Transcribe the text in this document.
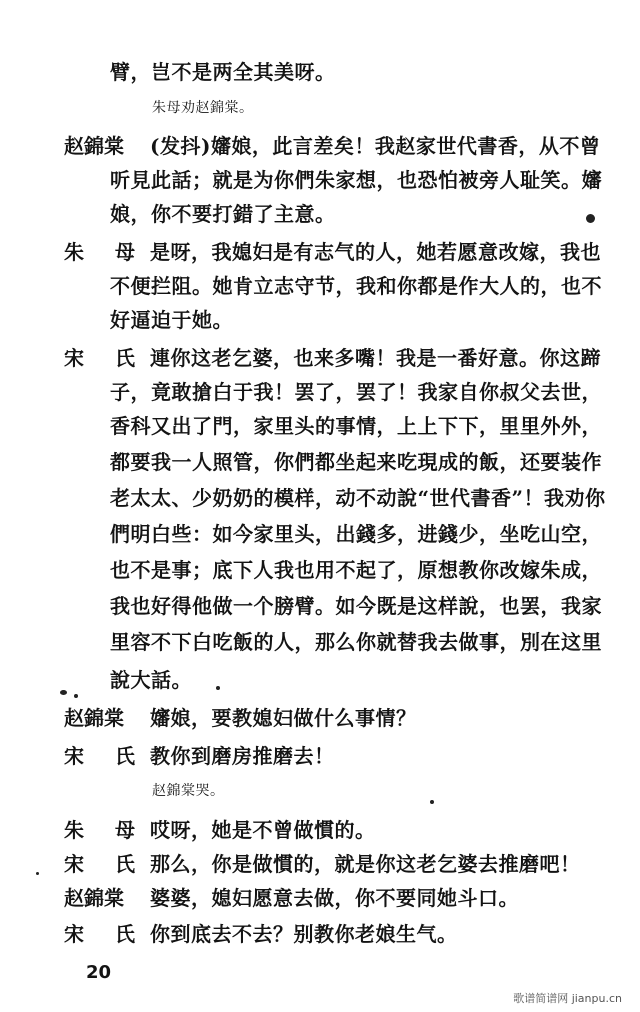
臂，岂不是两全其美呀。
朱母劝赵錦棠。
赵錦棠 (发抖)嬸娘，此言差矣！我赵家世代書香，从不曾
听見此話；就是为你們朱家想，也恐怕被旁人耻笑。嬸
娘，你不要打錯了主意。
朱 母 是呀，我媳妇是有志气的人，她若愿意改嫁，我也
不便拦阻。她肯立志守节，我和你都是作大人的，也不
好逼迫于她。
宋 氏 連你这老乞婆，也来多嘴！我是一番好意。你这蹄
子，竟敢搶白于我！罢了，罢了！我家自你叔父去世，
香科又出了門，家里头的事情，上上下下，里里外外，
都要我一人照管，你們都坐起来吃現成的飯，还要装作
老太太、少奶奶的模样，动不动說“世代書香”！我劝你
們明白些：如今家里头，出錢多，进錢少，坐吃山空，
也不是事；底下人我也用不起了，原想教你改嫁朱成，
我也好得他做一个膀臂。如今既是这样說，也罢，我家
里容不下白吃飯的人，那么你就替我去做事，別在这里
說大話。
赵錦棠 嬸娘，要教媳妇做什么事情？
宋 氏 教你到磨房推磨去！
赵錦棠哭。
朱 母 哎呀，她是不曾做慣的。
宋 氏 那么，你是做慣的，就是你这老乞婆去推磨吧！
赵錦棠 婆婆，媳妇愿意去做，你不要同她斗口。
宋 氏 你到底去不去？别教你老娘生气。
20
歌谱简谱网 jianpu.cn
